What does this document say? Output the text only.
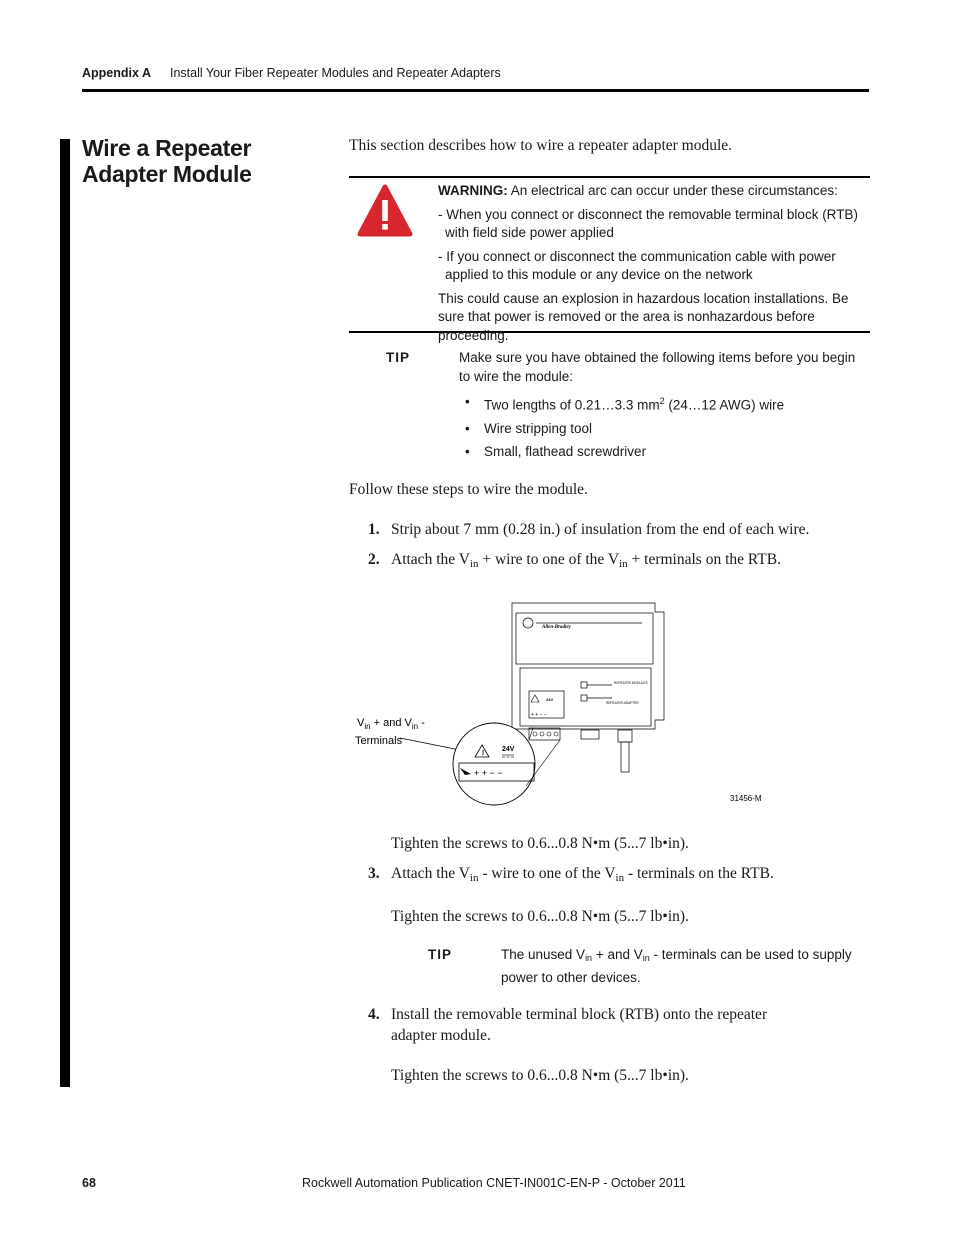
Appendix A Install Your Fiber Repeater Modules and Repeater Adapters
Wire a Repeater Adapter Module

This section describes how to wire a repeater adapter module.

WARNING: An electrical arc can occur under these circumstances:

- When you connect or disconnect the removable terminal block (RTB) with field side power applied

- If you connect or disconnect the communication cable with power applied to this module or any device on the network

This could cause an explosion in hazardous location installations. Be sure that power is removed or the area is nonhazardous before proceeding.

TIP	Make sure you have obtained the following items before you begin to wire the module:

• Two lengths of 0.21…3.3 $mm^2$ (24…12 AWG) wire
• Wire stripping tool
• Small, flathead screwdriver

Follow these steps to wire the module.

1. Strip about 7 mm (0.28 in.) of insulation from the end of each wire.
2. Attach the $V_{in}$ + wire to one of the $V_{in}$ + terminals on the RTB.
$V_{in}$ + and $V_{in}$ -
Terminals
Allen-Bradley
REPEATER MODULES
REPEATER ADAPTER
24V
+ + − −
!
24V
+ + − −
31456-M

Tighten the screws to 0.6...0.8 N•m (5...7 lb•in).

3. Attach the $V_{in}$ - wire to one of the $V_{in}$ - terminals on the RTB.

Tighten the screws to 0.6...0.8 N•m (5...7 lb•in).

TIP	The unused $V_{in}$ + and $V_{in}$ - terminals can be used to supply power to other devices.
4. Install the removable terminal block (RTB) onto the repeater
adapter module.

Tighten the screws to 0.6...0.8 N•m (5...7 lb•in).

68	Rockwell Automation Publication CNET-IN001C-EN-P - October 2011
